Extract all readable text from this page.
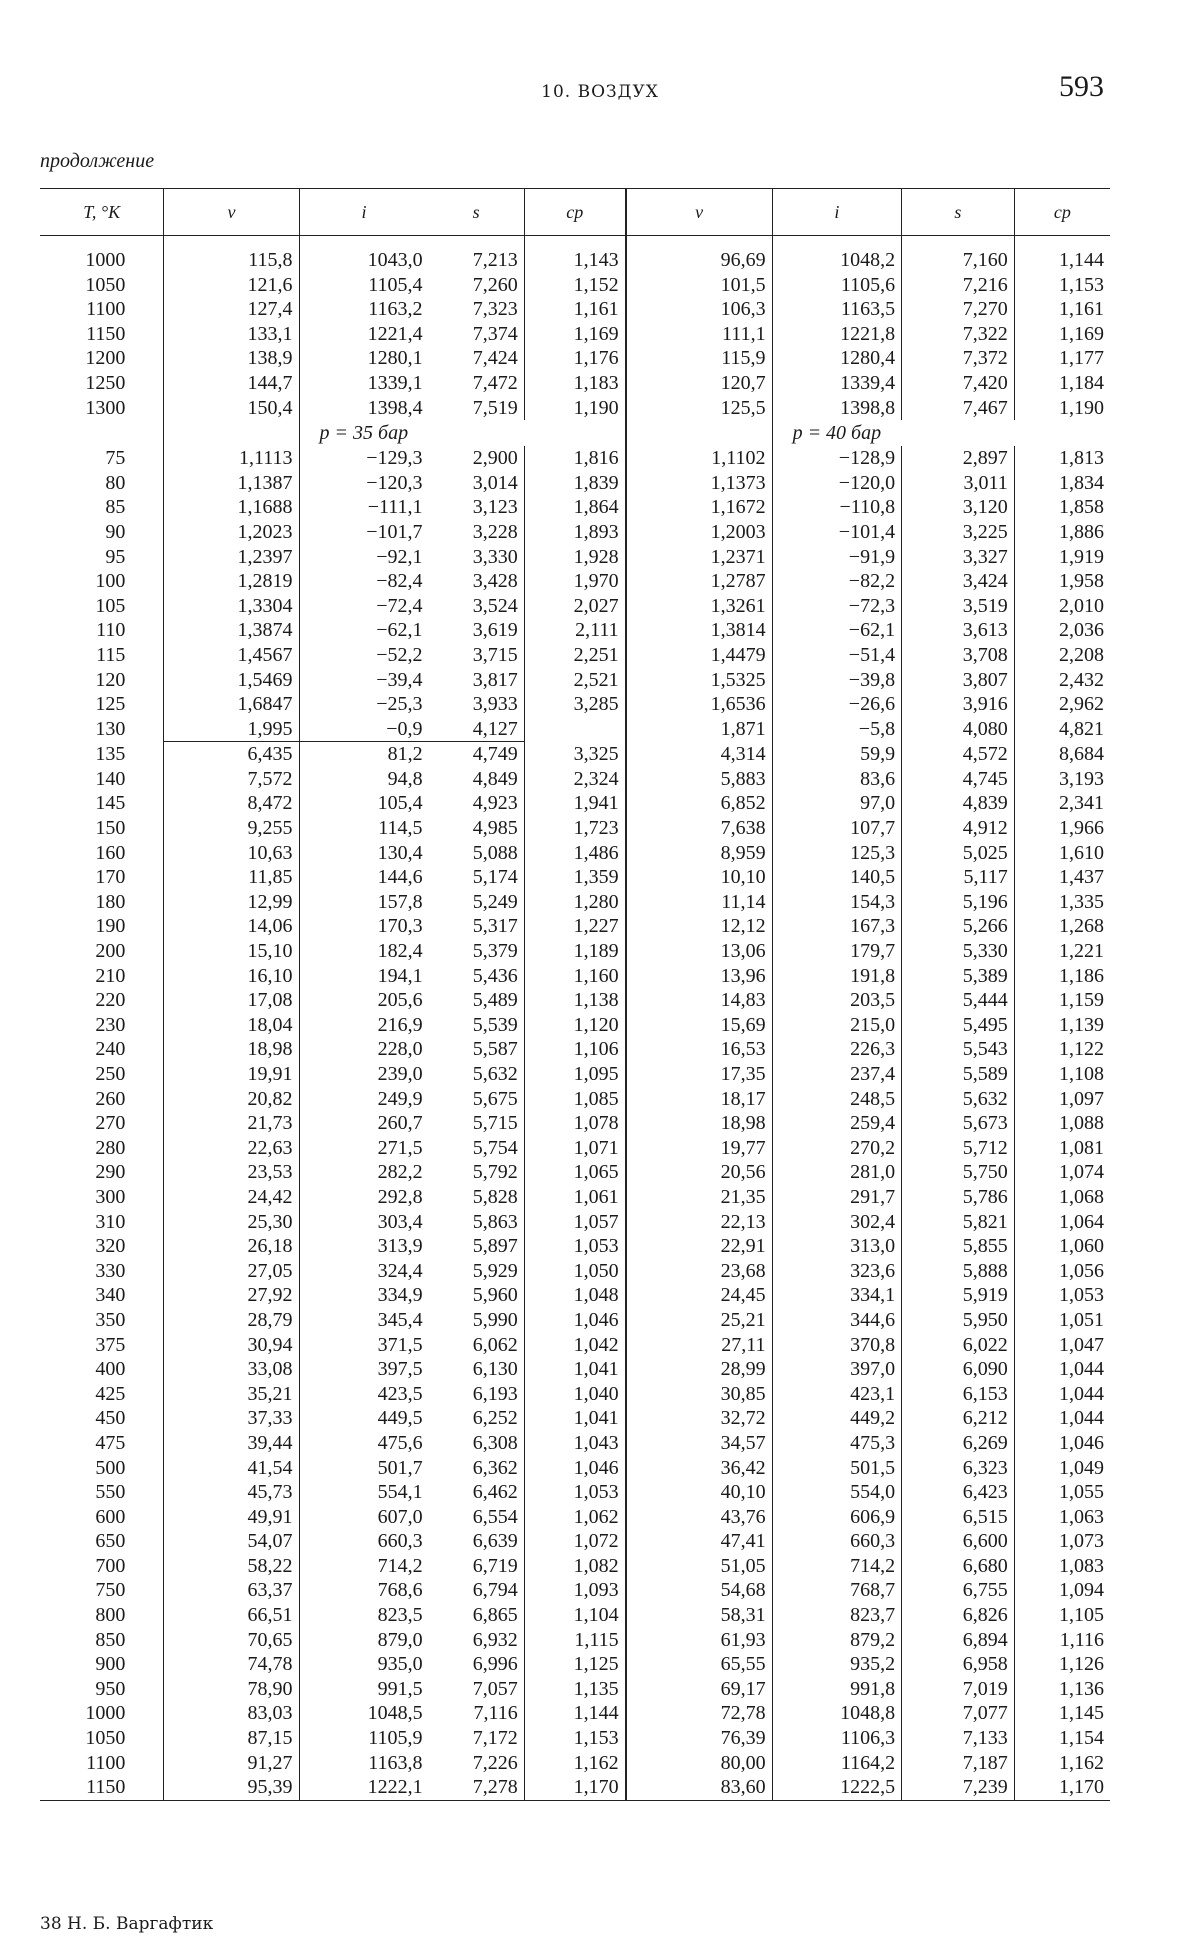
10. ВОЗДУХ	593
продолжение
T, °K	v	i	s	cp	v	i	s	cp

1000	115,8	1043,0	7,213	1,143	96,69	1048,2	7,160	1,144
1050	121,6	1105,4	7,260	1,152	101,5	1105,6	7,216	1,153
1100	127,4	1163,2	7,323	1,161	106,3	1163,5	7,270	1,161
1150	133,1	1221,4	7,374	1,169	111,1	1221,8	7,322	1,169
1200	138,9	1280,1	7,424	1,176	115,9	1280,4	7,372	1,177
1250	144,7	1339,1	7,472	1,183	120,7	1339,4	7,420	1,184
1300	150,4	1398,4	7,519	1,190	125,5	1398,8	7,467	1,190
		p = 35 бар				p = 40 бар		
75	1,1113	−129,3	2,900	1,816	1,1102	−128,9	2,897	1,813
80	1,1387	−120,3	3,014	1,839	1,1373	−120,0	3,011	1,834
85	1,1688	−111,1	3,123	1,864	1,1672	−110,8	3,120	1,858
90	1,2023	−101,7	3,228	1,893	1,2003	−101,4	3,225	1,886
95	1,2397	−92,1	3,330	1,928	1,2371	−91,9	3,327	1,919
100	1,2819	−82,4	3,428	1,970	1,2787	−82,2	3,424	1,958
105	1,3304	−72,4	3,524	2,027	1,3261	−72,3	3,519	2,010
110	1,3874	−62,1	3,619	2,111	1,3814	−62,1	3,613	2,036
115	1,4567	−52,2	3,715	2,251	1,4479	−51,4	3,708	2,208
120	1,5469	−39,4	3,817	2,521	1,5325	−39,8	3,807	2,432
125	1,6847	−25,3	3,933	3,285	1,6536	−26,6	3,916	2,962
130	1,995	−0,9	4,127		1,871	−5,8	4,080	4,821
135	6,435	81,2	4,749	3,325	4,314	59,9	4,572	8,684
140	7,572	94,8	4,849	2,324	5,883	83,6	4,745	3,193
145	8,472	105,4	4,923	1,941	6,852	97,0	4,839	2,341
150	9,255	114,5	4,985	1,723	7,638	107,7	4,912	1,966
160	10,63	130,4	5,088	1,486	8,959	125,3	5,025	1,610
170	11,85	144,6	5,174	1,359	10,10	140,5	5,117	1,437
180	12,99	157,8	5,249	1,280	11,14	154,3	5,196	1,335
190	14,06	170,3	5,317	1,227	12,12	167,3	5,266	1,268
200	15,10	182,4	5,379	1,189	13,06	179,7	5,330	1,221
210	16,10	194,1	5,436	1,160	13,96	191,8	5,389	1,186
220	17,08	205,6	5,489	1,138	14,83	203,5	5,444	1,159
230	18,04	216,9	5,539	1,120	15,69	215,0	5,495	1,139
240	18,98	228,0	5,587	1,106	16,53	226,3	5,543	1,122
250	19,91	239,0	5,632	1,095	17,35	237,4	5,589	1,108
260	20,82	249,9	5,675	1,085	18,17	248,5	5,632	1,097
270	21,73	260,7	5,715	1,078	18,98	259,4	5,673	1,088
280	22,63	271,5	5,754	1,071	19,77	270,2	5,712	1,081
290	23,53	282,2	5,792	1,065	20,56	281,0	5,750	1,074
300	24,42	292,8	5,828	1,061	21,35	291,7	5,786	1,068
310	25,30	303,4	5,863	1,057	22,13	302,4	5,821	1,064
320	26,18	313,9	5,897	1,053	22,91	313,0	5,855	1,060
330	27,05	324,4	5,929	1,050	23,68	323,6	5,888	1,056
340	27,92	334,9	5,960	1,048	24,45	334,1	5,919	1,053
350	28,79	345,4	5,990	1,046	25,21	344,6	5,950	1,051
375	30,94	371,5	6,062	1,042	27,11	370,8	6,022	1,047
400	33,08	397,5	6,130	1,041	28,99	397,0	6,090	1,044
425	35,21	423,5	6,193	1,040	30,85	423,1	6,153	1,044
450	37,33	449,5	6,252	1,041	32,72	449,2	6,212	1,044
475	39,44	475,6	6,308	1,043	34,57	475,3	6,269	1,046
500	41,54	501,7	6,362	1,046	36,42	501,5	6,323	1,049
550	45,73	554,1	6,462	1,053	40,10	554,0	6,423	1,055
600	49,91	607,0	6,554	1,062	43,76	606,9	6,515	1,063
650	54,07	660,3	6,639	1,072	47,41	660,3	6,600	1,073
700	58,22	714,2	6,719	1,082	51,05	714,2	6,680	1,083
750	63,37	768,6	6,794	1,093	54,68	768,7	6,755	1,094
800	66,51	823,5	6,865	1,104	58,31	823,7	6,826	1,105
850	70,65	879,0	6,932	1,115	61,93	879,2	6,894	1,116
900	74,78	935,0	6,996	1,125	65,55	935,2	6,958	1,126
950	78,90	991,5	7,057	1,135	69,17	991,8	7,019	1,136
1000	83,03	1048,5	7,116	1,144	72,78	1048,8	7,077	1,145
1050	87,15	1105,9	7,172	1,153	76,39	1106,3	7,133	1,154
1100	91,27	1163,8	7,226	1,162	80,00	1164,2	7,187	1,162
1150	95,39	1222,1	7,278	1,170	83,60	1222,5	7,239	1,170
38 Н. Б. Варгафтик
